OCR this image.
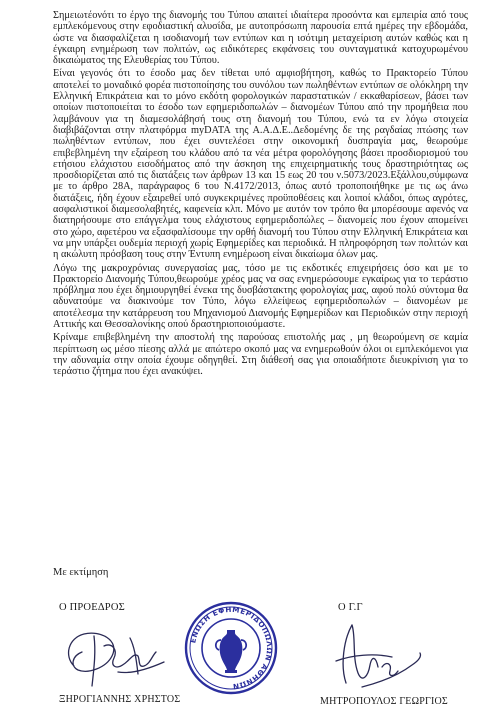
Σημειωτέονότι το έργο της διανομής του Τύπου απαιτεί ιδιαίτερα προσόντα και εμπειρία από τους εμπλεκόμενους στην εφοδιαστική αλυσίδα, με αυτοπρόσωπη παρουσία επτά ημέρες την εβδομάδα, ώστε να διασφαλίζεται η ισοδιανομή των εντύπων και η ισότιμη μεταχείριση αυτών καθώς και η έγκαιρη ενημέρωση των πολιτών, ως ειδικότερες εκφάνσεις του συνταγματικά κατοχυρωμένου δικαιώματος της Ελευθερίας του Τύπου.

Είναι γεγονός ότι το έσοδο μας δεν τίθεται υπό αμφισβήτηση, καθώς το Πρακτορείο Τύπου αποτελεί το μοναδικό φορέα πιστοποίησης του συνόλου των πωληθέντων εντύπων σε ολόκληρη την Ελληνική Επικράτεια και το μόνο εκδότη φορολογικών παραστατικών / εκκαθαρίσεων, βάσει των οποίων πιστοποιείται το έσοδο των εφημεριδοπωλών – διανομέων Τύπου από την προμήθεια που λαμβάνουν για τη διαμεσολάβησή τους στη διανομή του Τύπου, ενώ τα εν λόγω στοιχεία διαβιβάζονται στην πλατφόρμα myDATA της Α.Α.Δ.Ε..Δεδομένης δε της ραγδαίας πτώσης των πωληθέντων εντύπων, που έχει συντελέσει στην οικονομική δυσπραγία μας, θεωρούμε επιβεβλημένη την εξαίρεση του κλάδου από τα νέα μέτρα φορολόγησης βάσει προσδιορισμού του ετήσιου ελάχιστου εισοδήματος από την άσκηση της επιχειρηματικής τους δραστηριότητας ως προσδιορίζεται από τις διατάξεις των άρθρων 13 και 15 εως 20 του ν.5073/2023.Εξάλλου,σύμφωνα με το άρθρο 28Α, παράγραφος 6 του Ν.4172/2013, όπως αυτό τροποποιήθηκε με τις ως άνω διατάξεις, ήδη έχουν εξαιρεθεί υπό συγκεκριμένες προϋποθέσεις και λοιποί κλάδοι, όπως αγρότες, ασφαλιστικοί διαμεσολαβητές, καφενεία κλπ. Μόνο με αυτόν τον τρόπο θα μπορέσουμε αφενός να διατηρήσουμε στο επάγγελμα τους ελάχιστους εφημεριδοπώλες – διανομείς που έχουν απομείνει στο χώρο, αφετέρου να εξασφαλίσουμε την ορθή διανομή του Τύπου στην Ελληνική Επικράτεια και να μην υπάρξει ουδεμία περιοχή χωρίς Εφημερίδες και περιοδικά. Η πληροφόρηση των πολιτών και η ακώλυτη πρόσβαση τους στην Έντυπη ενημέρωση είναι δικαίωμα όλων μας.

Λόγω της μακροχρόνιας συνεργασίας μας, τόσο με τις εκδοτικές επιχειρήσεις όσο και με το Πρακτορείο Διανομής Τύπου,θεωρούμε χρέος μας να σας ενημερώσουμε εγκαίρως για το τεράστιο πρόβλημα που έχει δημιουργηθεί ένεκα της δυσβάστακτης φορολογίας μας, αφού πολύ σύντομα θα αδυνατούμε να διακινούμε τον Τύπο, λόγω ελλείψεως εφημεριδοπωλών – διανομέων με αποτέλεσμα την κατάρρευση του Μηχανισμού Διανομής Εφημερίδων και Περιοδικών στην περιοχή Αττικής και Θεσσαλονίκης οπού δραστηριοποιούμαστε.

Κρίναμε επιβεβλημένη την αποστολή της παρούσας επιστολής μας , μη θεωρούμενη σε καμία περίπτωση ως μέσο πίεσης αλλά με απώτερο σκοπό μας να ενημερωθούν όλοι οι εμπλεκόμενοι για την αδυναμία στην οποία έχουμε οδηγηθεί. Στη διάθεσή σας για οποιαδήποτε διευκρίνιση για το τεράστιο ζήτημα που έχει ανακύψει.

Με εκτίμηση
Ο ΠΡΟΕΔΡΟΣ	Ο Γ.Γ
ΕΝΩΣΗ ΕΦΗΜΕΡΙΔΟΠΩΛΩΝ ΑΘΗΝΩΝ
ΞΗΡΟΓΙΑΝΝΗΣ ΧΡΗΣΤΟΣ	ΜΗΤΡΟΠΟΥΛΟΣ ΓΕΩΡΓΙΟΣ
